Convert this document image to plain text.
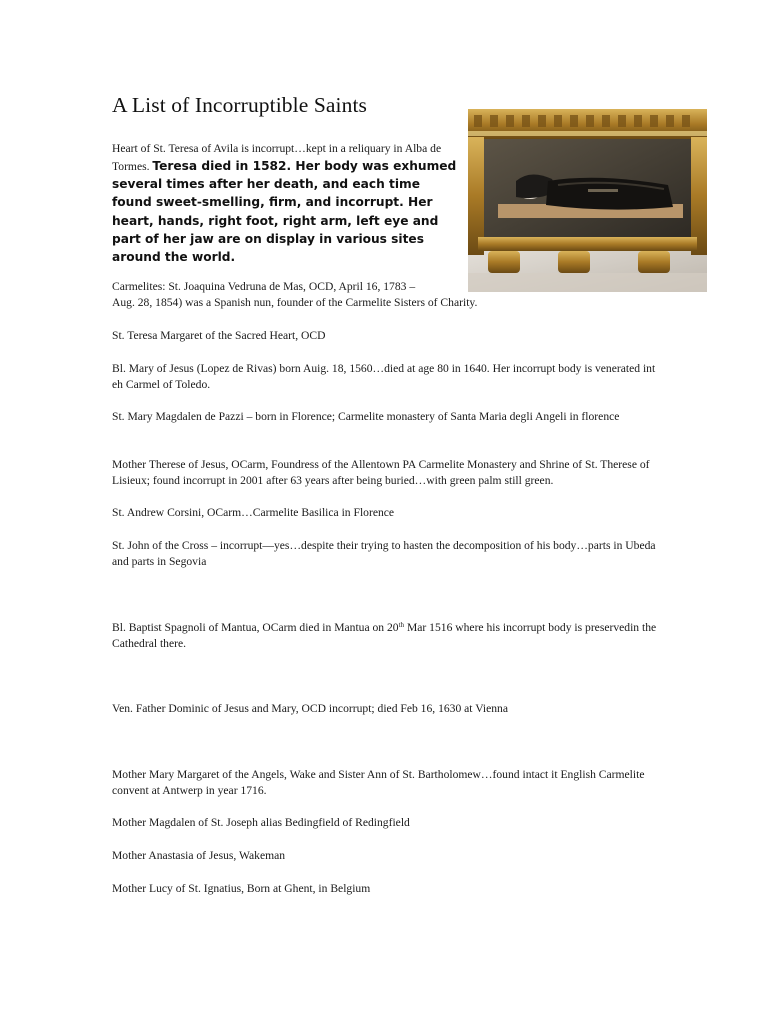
A List of Incorruptible Saints
Heart of St. Teresa of Avila is incorrupt…kept in a reliquary in Alba de Tormes. Teresa died in 1582. Her body was exhumed several times after her death, and each time found sweet-smelling, firm, and incorrupt. Her heart, hands, right foot, right arm, left eye and part of her jaw are on display in various sites around the world.

Carmelites: St. Joaquina Vedruna de Mas, OCD, April 16, 1783 –

Aug. 28, 1854) was a Spanish nun, founder of the Carmelite Sisters of Charity.

St. Teresa Margaret of the Sacred Heart, OCD

Bl. Mary of Jesus (Lopez de Rivas) born Auig. 18, 1560…died at age 80 in 1640. Her incorrupt body is venerated int eh Carmel of Toledo.

St. Mary Magdalen de Pazzi – born in Florence; Carmelite monastery of Santa Maria degli Angeli in florence

Mother Therese of Jesus, OCarm, Foundress of the Allentown PA Carmelite Monastery and Shrine of St. Therese of Lisieux; found incorrupt in 2001 after 63 years after being buried…with green palm still green.

St. Andrew Corsini, OCarm…Carmelite Basilica in Florence

St. John of the Cross – incorrupt—yes…despite their trying to hasten the decomposition of his body…parts in Ubeda and parts in Segovia

Bl. Baptist Spagnoli of Mantua, OCarm died in Mantua on 20th Mar 1516 where his incorrupt body is preservedin the Cathedral there.

Ven. Father Dominic of Jesus and Mary, OCD incorrupt; died Feb 16, 1630 at Vienna

Mother Mary Margaret of the Angels, Wake and Sister Ann of St. Bartholomew…found intact it English Carmelite convent at Antwerp in year 1716.

Mother Magdalen of St. Joseph alias Bedingfield of Redingfield

Mother Anastasia of Jesus, Wakeman

Mother Lucy of St. Ignatius, Born at Ghent, in Belgium
